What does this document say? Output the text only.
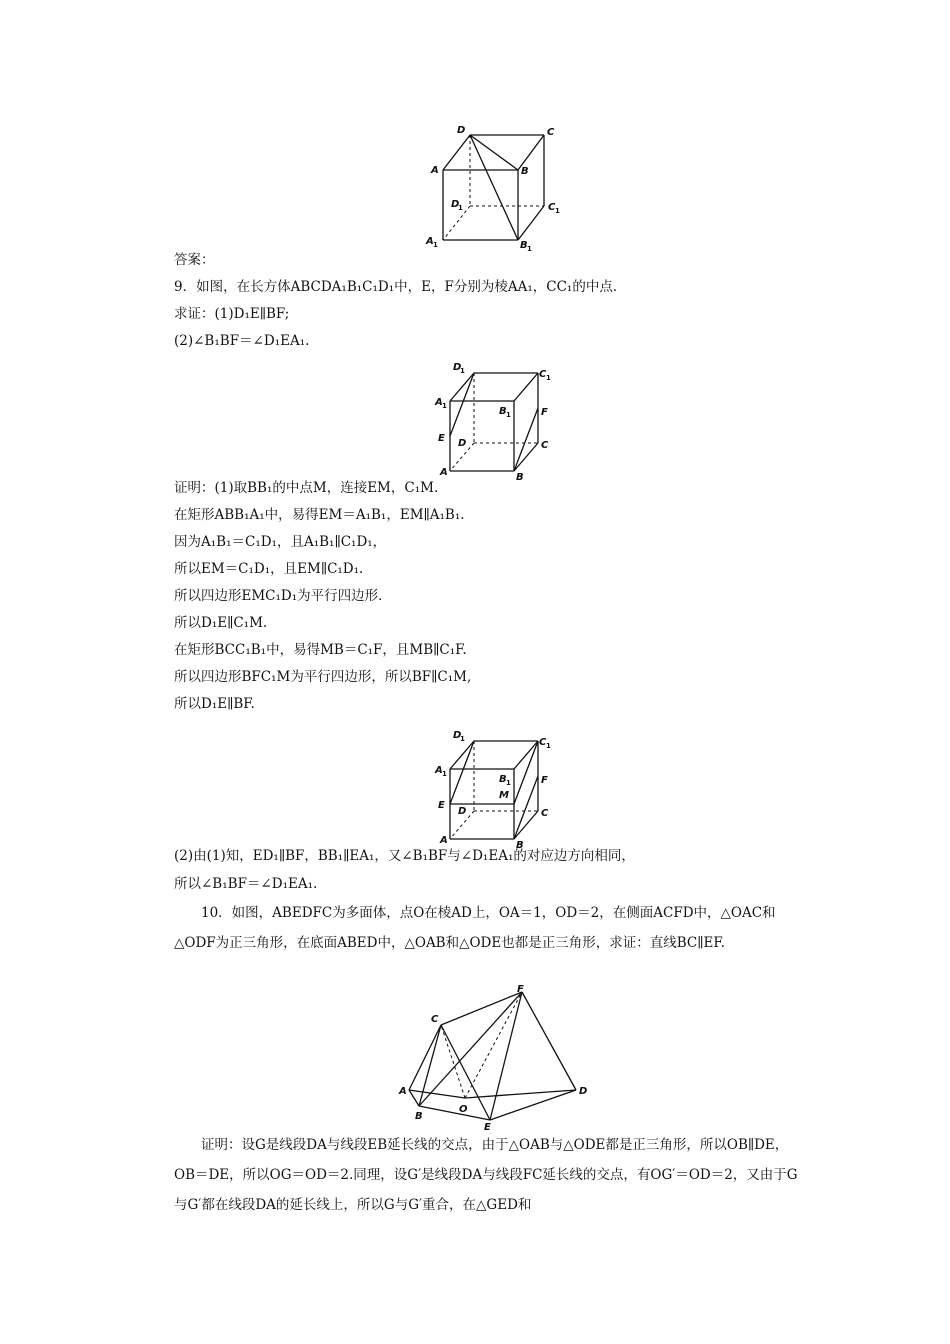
D	C
A	B
D
1	C 1
A 1	B 1
答案：
9．如图，在长方体ABCDA₁B₁C₁D₁中，E，F分别为棱AA₁，CC₁的中点．
求证：(1)D₁E∥BF;
(2)∠B₁BF＝∠D₁EA₁.
D
1	C 1
A 1	B 1	F
E D	C
A	B
证明：(1)取BB₁的中点M，连接EM，C₁M.
在矩形ABB₁A₁中，易得EM＝A₁B₁，EM∥A₁B₁.
因为A₁B₁＝C₁D₁，且A₁B₁∥C₁D₁，
所以EM＝C₁D₁，且EM∥C₁D₁.
所以四边形EMC₁D₁为平行四边形．
所以D₁E∥C₁M.
在矩形BCC₁B₁中，易得MB＝C₁F，且MB∥C₁F.
所以四边形BFC₁M为平行四边形，所以BF∥C₁M,
所以D₁E∥BF.
D
1	C 1
A 1	B 1	F
M
E
D	C
A	B
(2)由(1)知，ED₁∥BF，BB₁∥EA₁，又∠B₁BF与∠D₁EA₁的对应边方向相同，
所以∠B₁BF＝∠D₁EA₁.
10．如图，ABEDFC为多面体，点O在棱AD上，OA＝1，OD＝2，在侧面ACFD中，△OAC和△ODF为正三角形，在底面ABED中，△OAB和△ODE也都是正三角形，求证：直线BC∥EF.
F
C
A
O
D
B
E
证明：设G是线段DA与线段EB延长线的交点，由于△OAB与△ODE都是正三角形，所以OB∥DE，OB＝DE，所以OG＝OD＝2.同理，设G′是线段DA与线段FC延长线的交点，有OG′＝OD＝2，又由于G与G′都在线段DA的延长线上，所以G与G′重合，在△GED和
